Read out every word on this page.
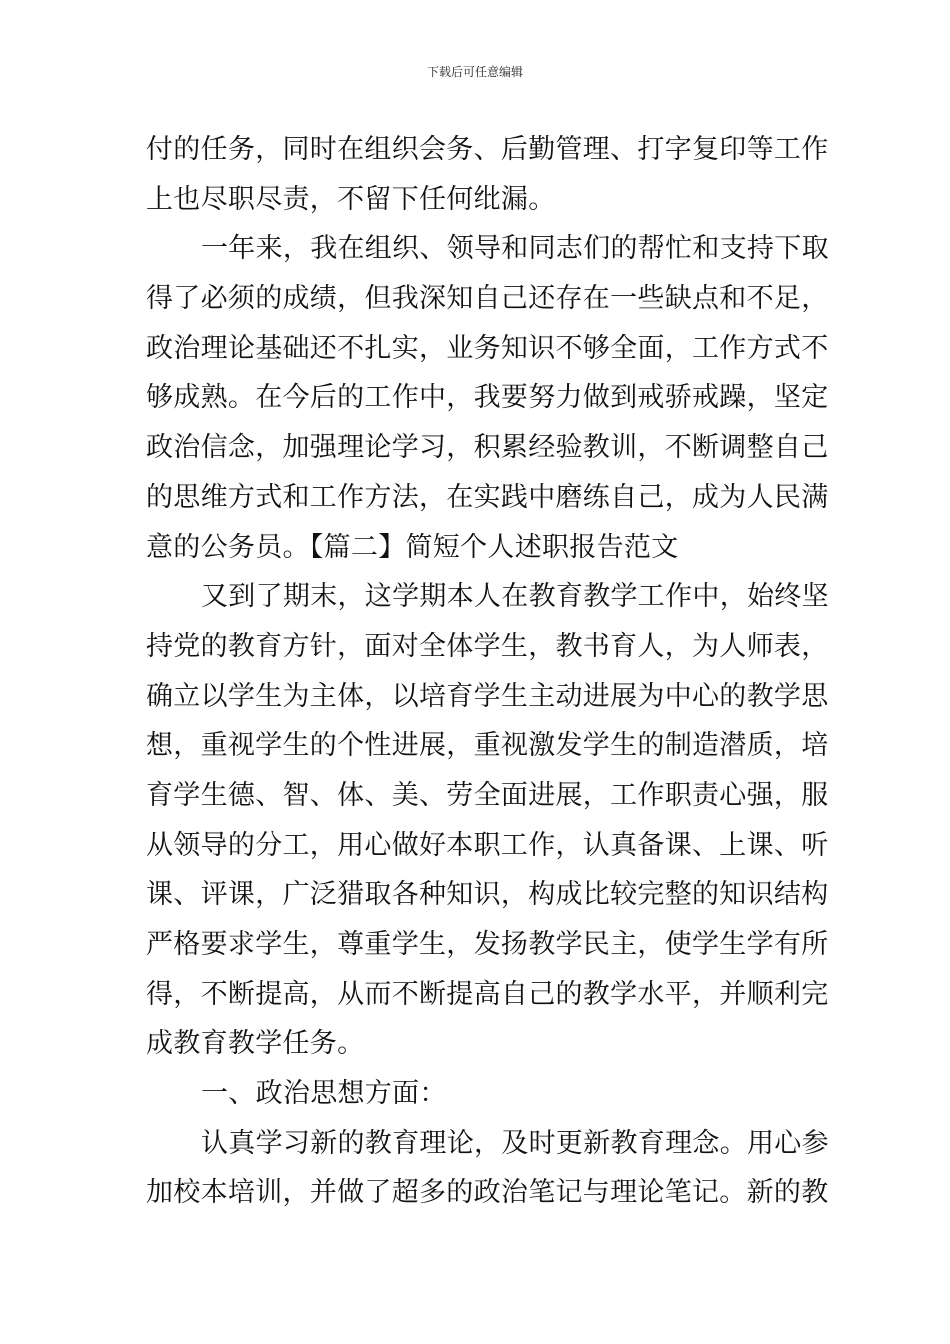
下载后可任意编辑
付的任务，同时在组织会务、后勤管理、打字复印等工作
上也尽职尽责，不留下任何纰漏。
一年来，我在组织、领导和同志们的帮忙和支持下取
得了必须的成绩，但我深知自己还存在一些缺点和不足，
政治理论基础还不扎实，业务知识不够全面，工作方式不
够成熟。在今后的工作中，我要努力做到戒骄戒躁，坚定
政治信念，加强理论学习，积累经验教训，不断调整自己
的思维方式和工作方法，在实践中磨练自己，成为人民满
意的公务员。【篇二】简短个人述职报告范文
又到了期末，这学期本人在教育教学工作中，始终坚
持党的教育方针，面对全体学生，教书育人，为人师表，
确立以学生为主体，以培育学生主动进展为中心的教学思
想，重视学生的个性进展，重视激发学生的制造潜质，培
育学生德、智、体、美、劳全面进展，工作职责心强，服
从领导的分工，用心做好本职工作，认真备课、上课、听
课、评课，广泛猎取各种知识，构成比较完整的知识结构
严格要求学生，尊重学生，发扬教学民主，使学生学有所
得，不断提高，从而不断提高自己的教学水平，并顺利完
成教育教学任务。
一、政治思想方面：
认真学习新的教育理论，及时更新教育理念。用心参
加校本培训，并做了超多的政治笔记与理论笔记。新的教
